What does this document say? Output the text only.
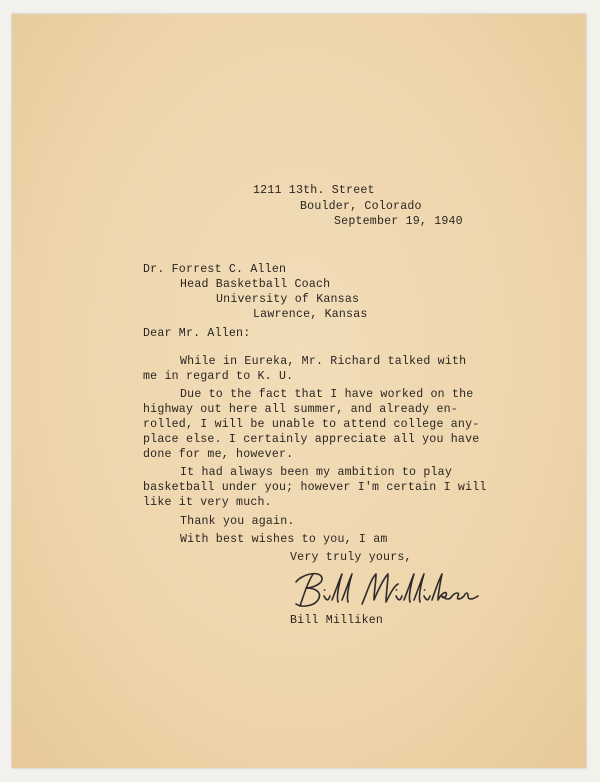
1211 13th. Street
Boulder, Colorado
September 19, 1940
Dr. Forrest C. Allen
Head Basketball Coach
University of Kansas
Lawrence, Kansas
Dear Mr. Allen:
While in Eureka, Mr. Richard talked with
me in regard to K. U.
Due to the fact that I have worked on the
highway out here all summer, and already en-
rolled, I will be unable to attend college any-
place else. I certainly appreciate all you have
done for me, however.
It had always been my ambition to play
basketball under you; however I'm certain I will
like it very much.
Thank you again.
With best wishes to you, I am
Very truly yours,
Bill Milliken
